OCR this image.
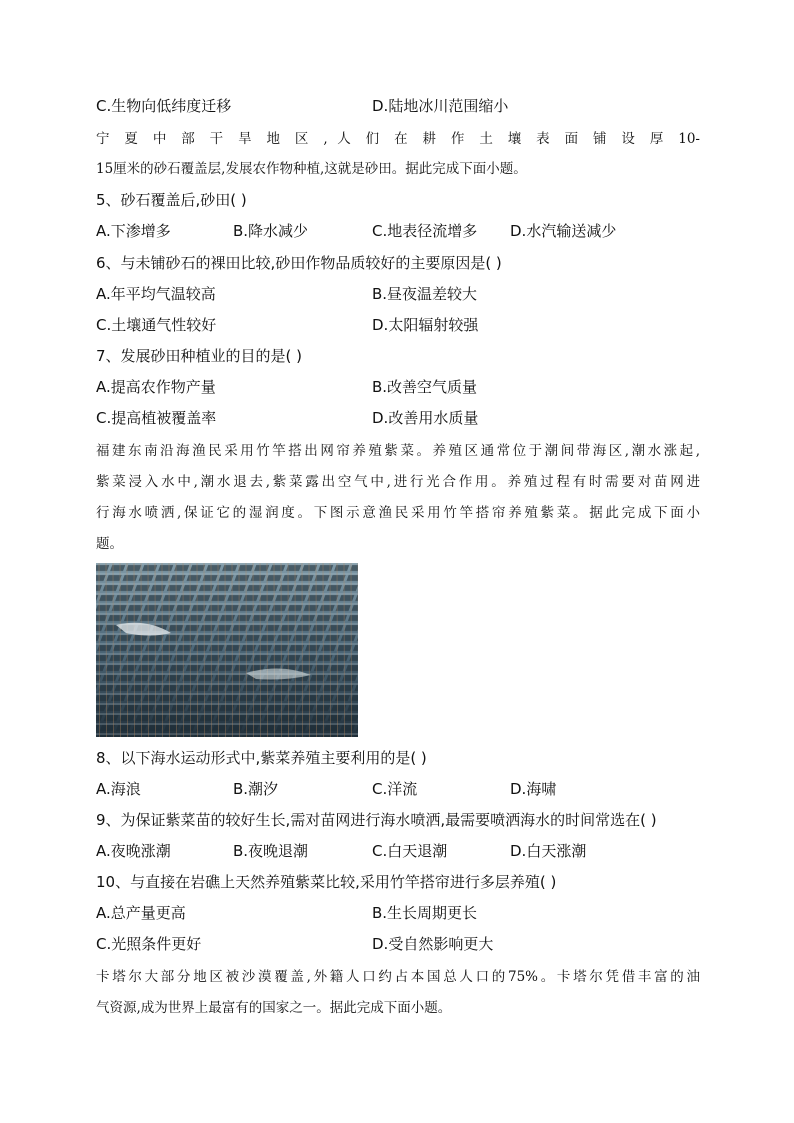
C.生物向低纬度迁移	D.陆地冰川范围缩小
宁 夏 中 部 干 旱 地 区 , 人 们 在 耕 作 土 壤 表 面 铺 设 厚 10-
15厘米的砂石覆盖层,发展农作物种植,这就是砂田。据此完成下面小题。
5、砂石覆盖后,砂田( )
A.下渗增多	B.降水减少	C.地表径流增多 D.水汽输送减少
6、与未铺砂石的裸田比较,砂田作物品质较好的主要原因是( )
A.年平均气温较高	B.昼夜温差较大
C.土壤通气性较好	D.太阳辐射较强
7、发展砂田种植业的目的是( )
A.提高农作物产量	B.改善空气质量
C.提高植被覆盖率	D.改善用水质量
福建东南沿海渔民采用竹竿搭出网帘养殖紫菜。养殖区通常位于潮间带海区,潮水涨起,
紫菜浸入水中,潮水退去,紫菜露出空气中,进行光合作用。养殖过程有时需要对苗网进
行海水喷洒,保证它的湿润度。下图示意渔民采用竹竿搭帘养殖紫菜。据此完成下面小
题。
8、以下海水运动形式中,紫菜养殖主要利用的是( )
A.海浪	B.潮汐	C.洋流	D.海啸
9、为保证紫菜苗的较好生长,需对苗网进行海水喷洒,最需要喷洒海水的时间常选在( )
A.夜晚涨潮	B.夜晚退潮	C.白天退潮	D.白天涨潮
10、与直接在岩礁上天然养殖紫菜比较,采用竹竿搭帘进行多层养殖( )
A.总产量更高	B.生长周期更长
C.光照条件更好	D.受自然影响更大
卡塔尔大部分地区被沙漠覆盖,外籍人口约占本国总人口的75%。卡塔尔凭借丰富的油
气资源,成为世界上最富有的国家之一。据此完成下面小题。
